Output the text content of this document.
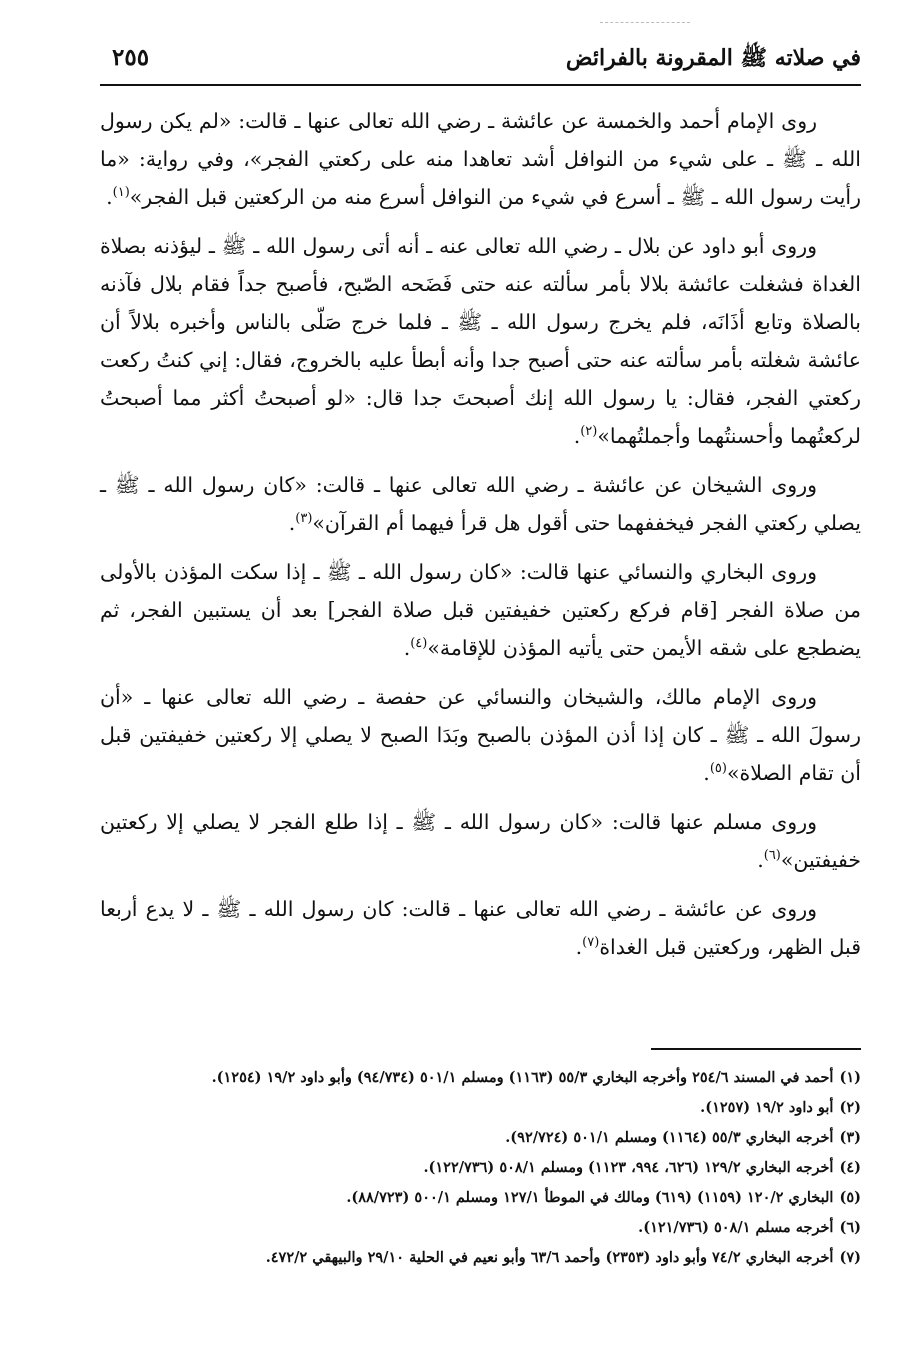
في صلاته ﷺ المقرونة بالفرائض
٢٥٥

روى الإمام أحمد والخمسة عن عائشة ـ رضي الله تعالى عنها ـ قالت: «لم يكن رسول الله ـ ﷺ ـ على شيء من النوافل أشد تعاهدا منه على ركعتي الفجر»، وفي رواية: «ما رأيت رسول الله ـ ﷺ ـ أسرع في شيء من النوافل أسرع منه من الركعتين قبل الفجر»$^{(١)}$.

وروى أبو داود عن بلال ـ رضي الله تعالى عنه ـ أنه أتى رسول الله ـ ﷺ ـ ليؤذنه بصلاة الغداة فشغلت عائشة بلالا بأمر سألته عنه حتى فَضَحه الصّبح، فأصبح جداً فقام بلال فآذنه بالصلاة وتابع أذَانَه، فلم يخرج رسول الله ـ ﷺ ـ فلما خرج صَلّى بالناس وأخبره بلالاً أن عائشة شغلته بأمر سألته عنه حتى أصبح جدا وأنه أبطأ عليه بالخروج، فقال: إني كنتُ ركعت ركعتي الفجر، فقال: يا رسول الله إنك أصبحتَ جدا قال: «لو أصبحتُ أكثر مما أصبحتُ لركعتُهما وأحسنتُهما وأجملتُهما»$^{(٢)}$.

وروى الشيخان عن عائشة ـ رضي الله تعالى عنها ـ قالت: «كان رسول الله ـ ﷺ ـ يصلي ركعتي الفجر فيخففهما حتى أقول هل قرأ فيهما أم القرآن»$^{(٣)}$.

وروى البخاري والنسائي عنها قالت: «كان رسول الله ـ ﷺ ـ إذا سكت المؤذن بالأولى من صلاة الفجر [قام فركع ركعتين خفيفتين قبل صلاة الفجر] بعد أن يستبين الفجر، ثم يضطجع على شقه الأيمن حتى يأتيه المؤذن للإقامة»$^{(٤)}$.

وروى الإمام مالك، والشيخان والنسائي عن حفصة ـ رضي الله تعالى عنها ـ «أن رسولَ الله ـ ﷺ ـ كان إذا أذن المؤذن بالصبح وبَدَا الصبح لا يصلي إلا ركعتين خفيفتين قبل أن تقام الصلاة»$^{(٥)}$.

وروى مسلم عنها قالت: «كان رسول الله ـ ﷺ ـ إذا طلع الفجر لا يصلي إلا ركعتين خفيفتين»$^{(٦)}$.

وروى عن عائشة ـ رضي الله تعالى عنها ـ قالت: كان رسول الله ـ ﷺ ـ لا يدع أربعا قبل الظهر، وركعتين قبل الغداة$^{(٧)}$.

(١)أحمد في المسند ٢٥٤/٦ وأخرجه البخاري ٥٥/٣ (١١٦٣) ومسلم ٥٠١/١ (٩٤/٧٣٤) وأبو داود ١٩/٢ (١٢٥٤).
(٢)أبو داود ١٩/٢ (١٢٥٧).
(٣)أخرجه البخاري ٥٥/٣ (١١٦٤) ومسلم ٥٠١/١ (٩٢/٧٢٤).
(٤)أخرجه البخاري ١٢٩/٢ (٦٢٦، ٩٩٤، ١١٢٣) ومسلم ٥٠٨/١ (١٢٢/٧٣٦).
(٥)البخاري ١٢٠/٢ (١١٥٩) (٦١٩) ومالك في الموطأ ١٢٧/١ ومسلم ٥٠٠/١ (٨٨/٧٢٣).
(٦)أخرجه مسلم ٥٠٨/١ (١٢١/٧٣٦).
(٧)أخرجه البخاري ٧٤/٢ وأبو داود (٢٣٥٣) وأحمد ٦٣/٦ وأبو نعيم في الحلية ٢٩/١٠ والبيهقي ٤٧٢/٢.
